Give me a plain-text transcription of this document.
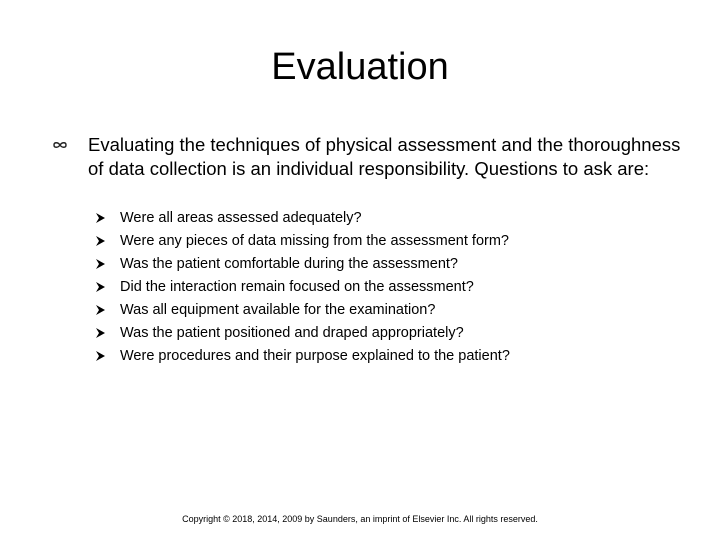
Evaluation
Evaluating the techniques of physical assessment and the thoroughness of data collection is an individual responsibility. Questions to ask are:
Were all areas assessed adequately?
Were any pieces of data missing from the assessment form?
Was the patient comfortable during the assessment?
Did the interaction remain focused on the assessment?
Was all equipment available for the examination?
Was the patient positioned and draped appropriately?
Were procedures and their purpose explained to the patient?
Copyright © 2018, 2014, 2009 by Saunders, an imprint of Elsevier Inc. All rights reserved.
